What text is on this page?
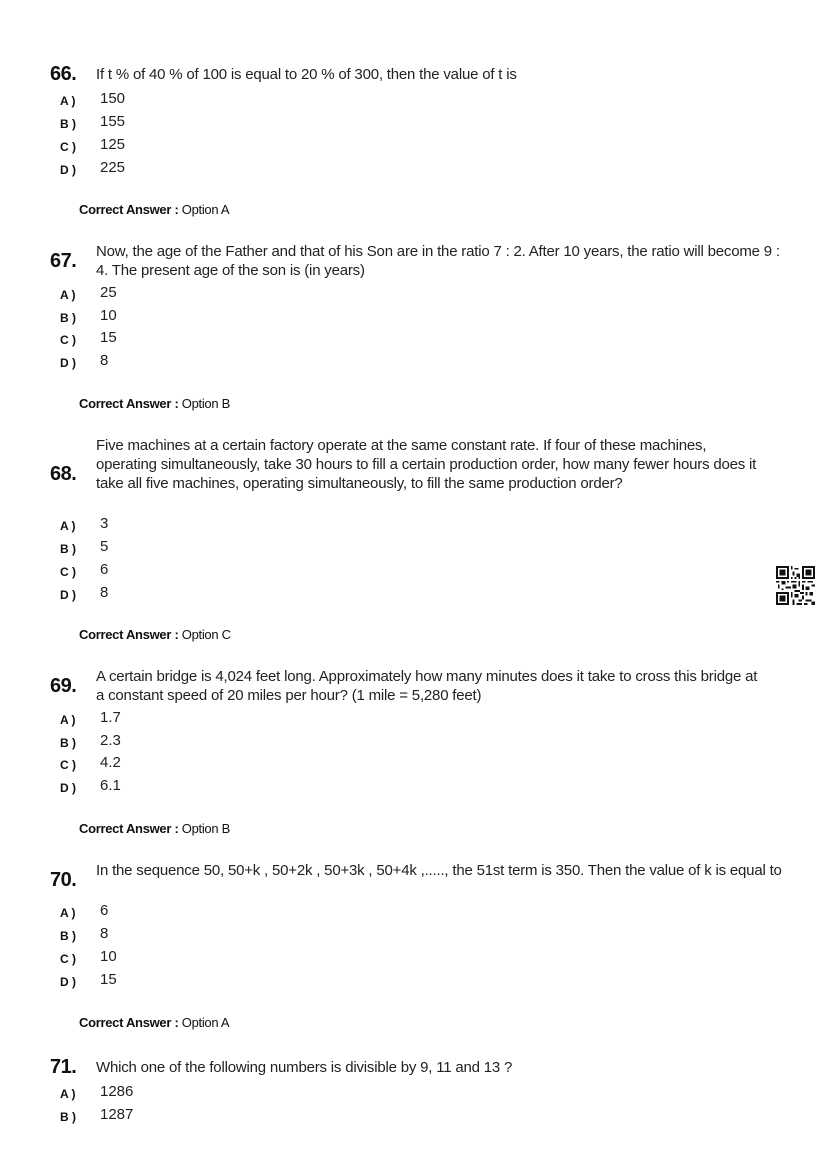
66. If t % of 40 % of 100 is equal to 20 % of 300, then the value of t is
A ) 150
B ) 155
C ) 125
D ) 225
Correct Answer : Option A
67. Now, the age of the Father and that of his Son are in the ratio 7 : 2. After 10 years, the ratio will become 9 : 4. The present age of the son is (in years)
A ) 25
B ) 10
C ) 15
D ) 8
Correct Answer : Option B
68.
Five machines at a certain factory operate at the same constant rate. If four of these machines, operating simultaneously, take 30 hours to fill a certain production order, how many fewer hours does it take all five machines, operating simultaneously, to fill the same production order?
A ) 3
B ) 5
C ) 6
D ) 8
Correct Answer : Option C
69. A certain bridge is 4,024 feet long. Approximately how many minutes does it take to cross this bridge at a constant speed of 20 miles per hour? (1 mile = 5,280 feet)
A ) 1.7
B ) 2.3
C ) 4.2
D ) 6.1
Correct Answer : Option B
70. In the sequence 50, 50+k , 50+2k , 50+3k , 50+4k ,....., the 51st term is 350. Then the value of k is equal to
A ) 6
B ) 8
C ) 10
D ) 15
Correct Answer : Option A
71. Which one of the following numbers is divisible by 9, 11 and 13 ?
A ) 1286
B ) 1287
